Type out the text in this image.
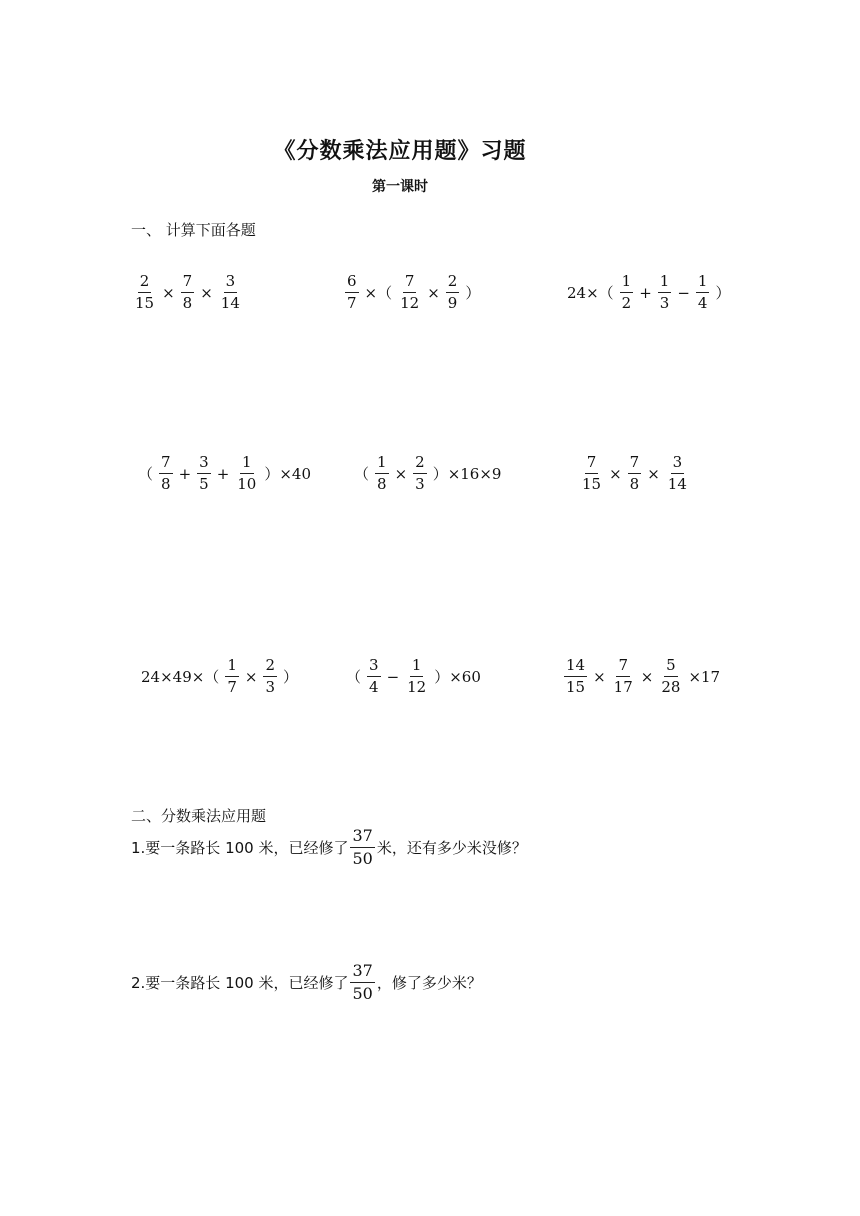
《分数乘法应用题》习题
第一课时
一、 计算下面各题
$\frac{2}{15} \times \frac{7}{8} \times \frac{3}{14}$	$\frac{6}{7}$ ×（ $\frac{7}{12} \times \frac{2}{9}$ ）	$24\times( \frac{1}{2} + \frac{1}{3} - \frac{1}{4}$ ）
（ $\frac{7}{8} + \frac{3}{5} + \frac{1}{10} )\times 40$	（ $\frac{1}{8} \times \frac{2}{3} )\times 16\times 9$	$\frac{7}{15} \times \frac{7}{8} \times \frac{3}{14}$
$24\times 49\times( \frac{1}{7} \times \frac{2}{3}$ ）	（ $\frac{3}{4} - \frac{1}{12} )\times 60$	$\frac{14}{15} \times \frac{7}{17} \times \frac{5}{28} \times 17$
二、分数乘法应用题
1.要一条路长 100 米，已经修了 $\frac{37}{50}$ 米，还有多少米没修？
2.要一条路长 100 米，已经修了 $\frac{37}{50}$ ，修了多少米？
